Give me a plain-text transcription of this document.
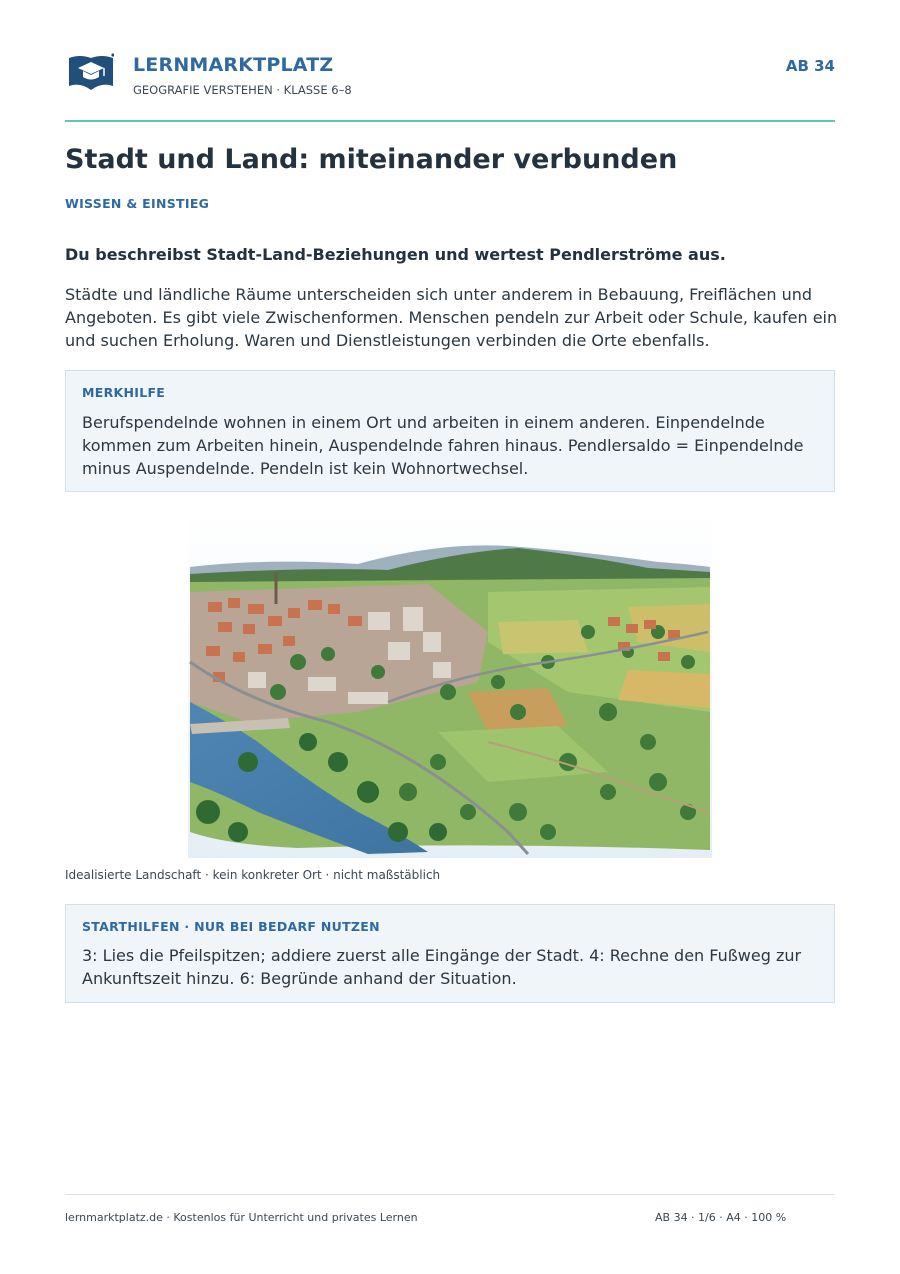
LERNMARKTPLATZ
GEOGRAFIE VERSTEHEN · KLASSE 6–8
AB 34
Stadt und Land: miteinander verbunden
WISSEN & EINSTIEG
Du beschreibst Stadt-Land-Beziehungen und wertest Pendlerströme aus.

Städte und ländliche Räume unterscheiden sich unter anderem in Bebauung, Freiflächen und Angeboten. Es gibt viele Zwischenformen. Menschen pendeln zur Arbeit oder Schule, kaufen ein und suchen Erholung. Waren und Dienstleistungen verbinden die Orte ebenfalls.

MERKHILFE

Berufspendelnde wohnen in einem Ort und arbeiten in einem anderen. Einpendelnde kommen zum Arbeiten hinein, Auspendelnde fahren hinaus. Pendlersaldo = Einpendelnde minus Auspendelnde. Pendeln ist kein Wohnortwechsel.

Idealisierte Landschaft · kein konkreter Ort · nicht maßstäblich
STARTHILFEN · NUR BEI BEDARF NUTZEN

3: Lies die Pfeilspitzen; addiere zuerst alle Eingänge der Stadt. 4: Rechne den Fußweg zur Ankunftszeit hinzu. 6: Begründe anhand der Situation.

lernmarktplatz.de · Kostenlos für Unterricht und privates Lernen	AB 34 · 1/6 · A4 · 100 %
